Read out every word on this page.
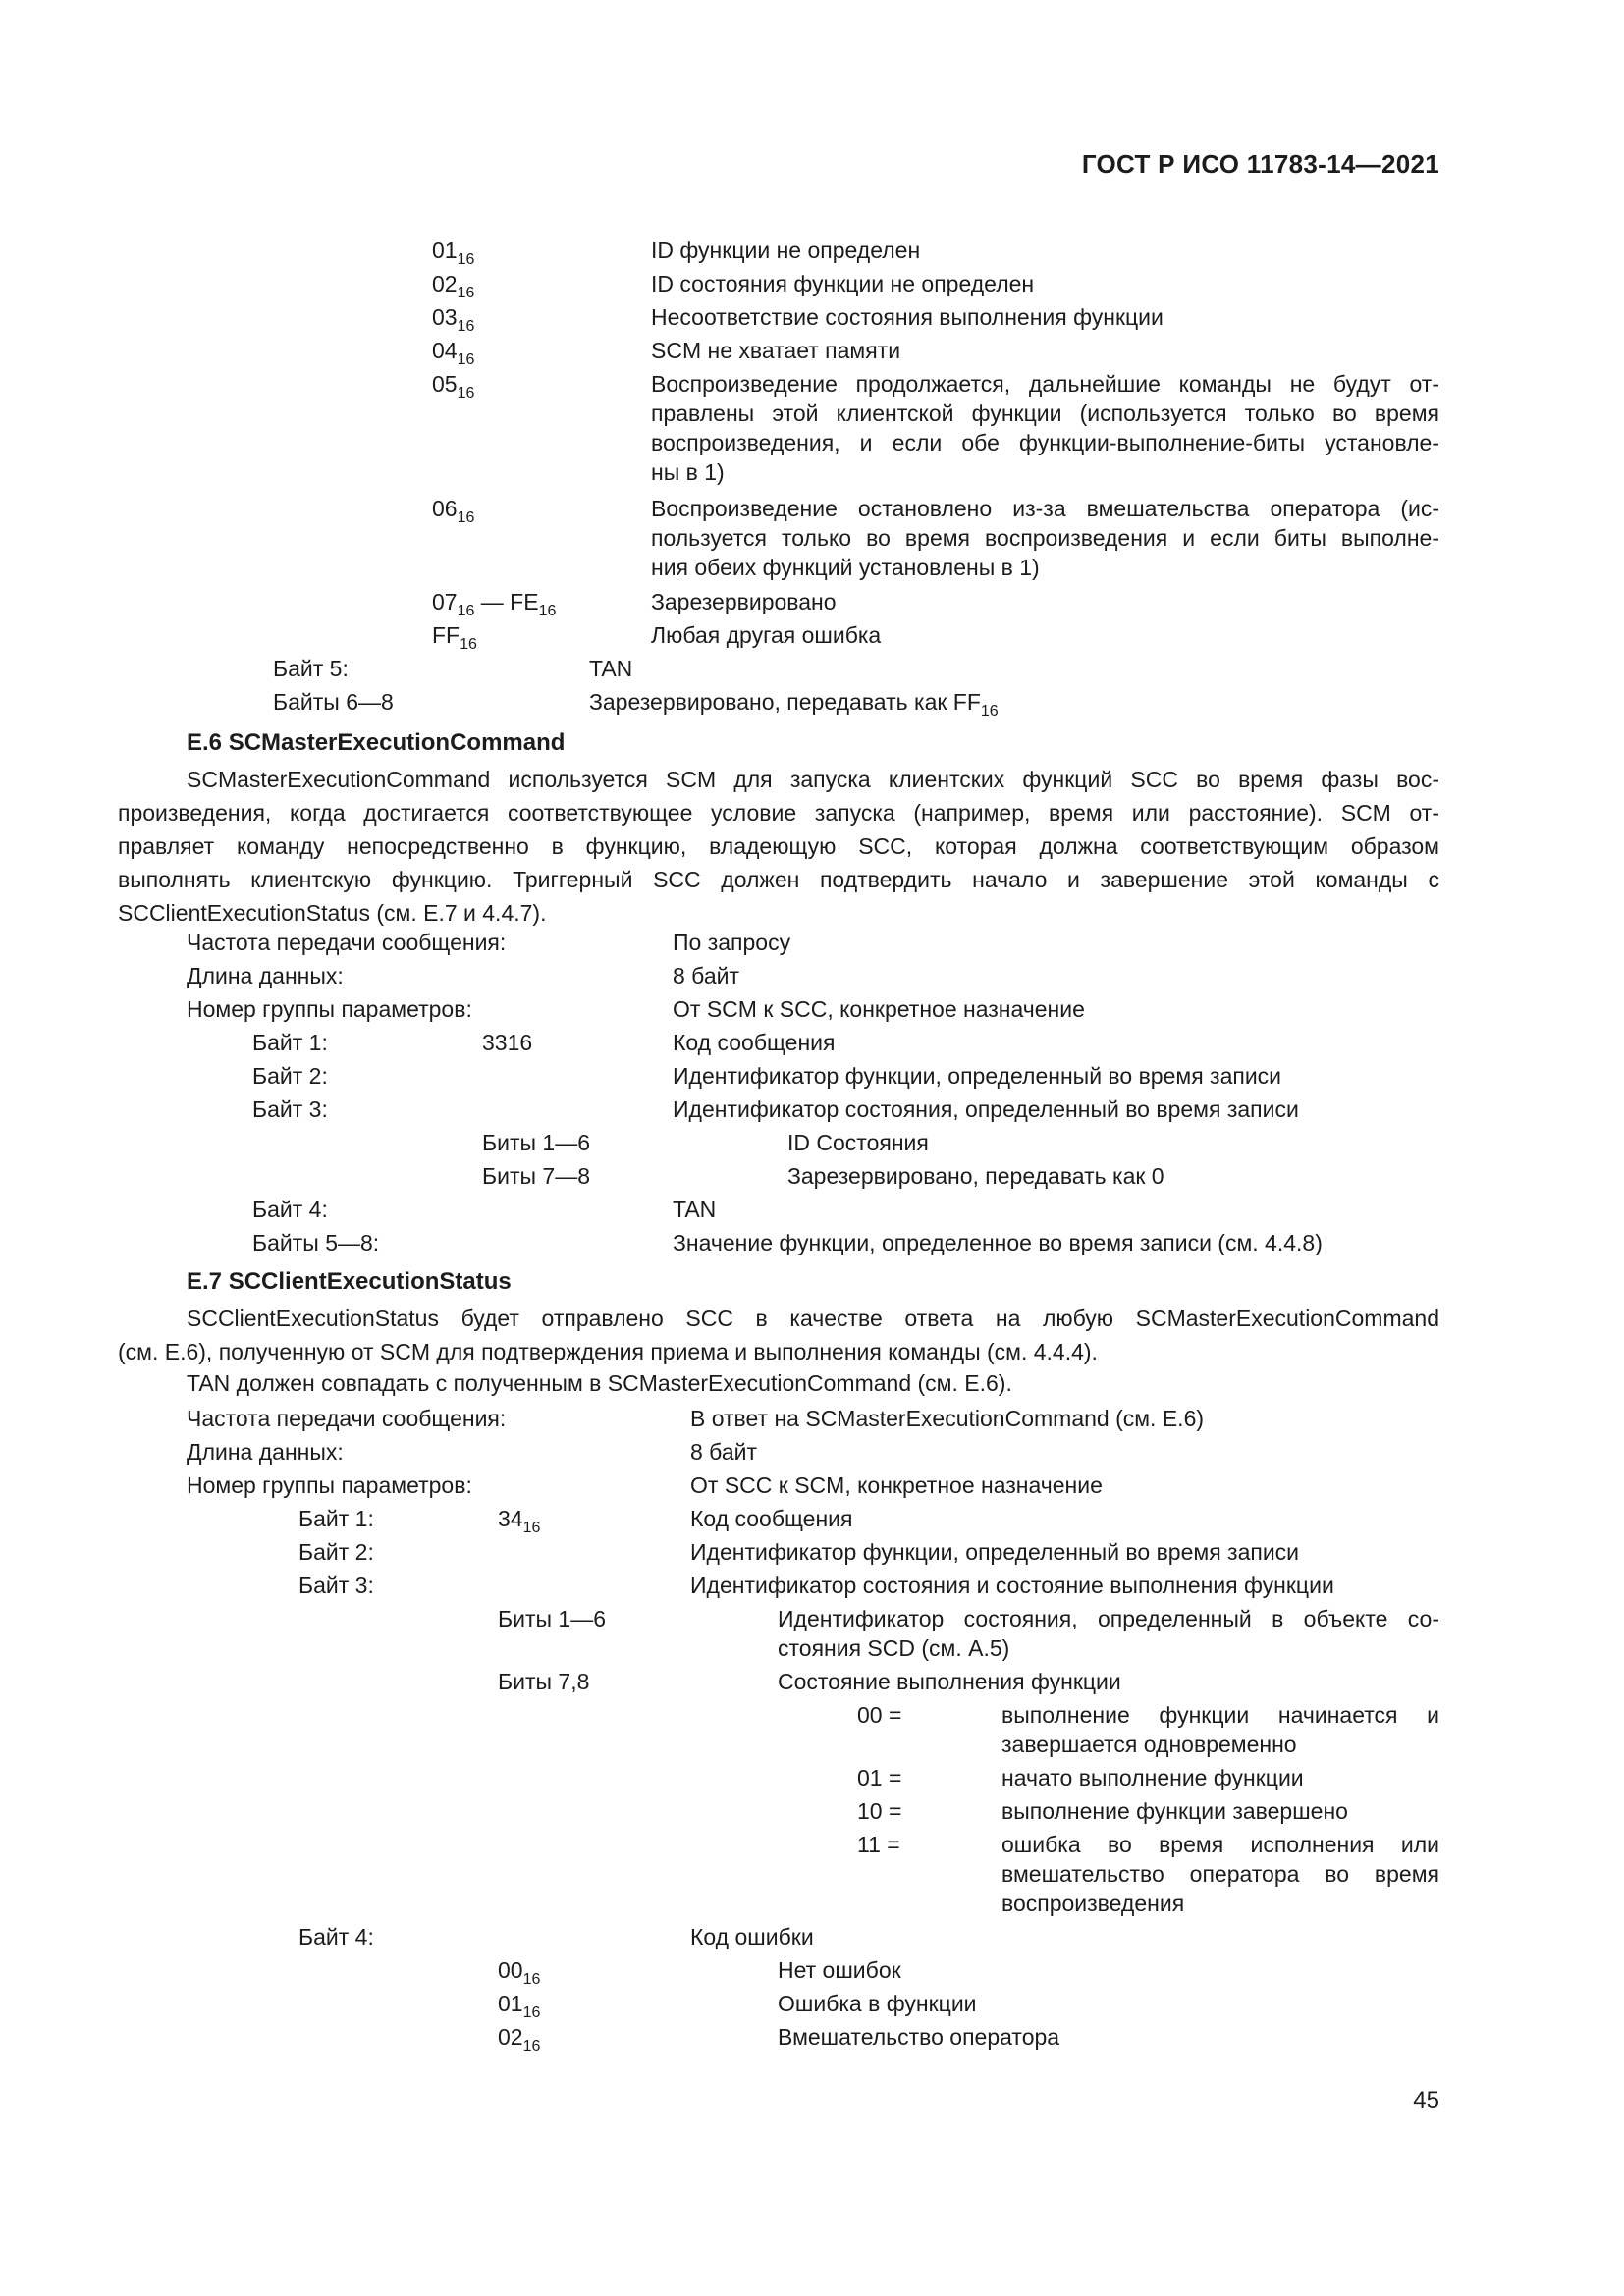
ГОСТ Р ИСО 11783-14—2021
$01_{16}$	ID функции не определен
$02_{16}$	ID состояния функции не определен
$03_{16}$	Несоответствие состояния выполнения функции
$04_{16}$	SCM не хватает памяти
$05_{16}$	Воспроизведение продолжается, дальнейшие команды не будут от-
правлены этой клиентской функции (используется только во время
воспроизведения, и если обе функции-выполнение-биты установле-
ны в 1)
$06_{16}$	Воспроизведение остановлено из-за вмешательства оператора (ис-
пользуется только во время воспроизведения и если биты выполне-
ния обеих функций установлены в 1)
$07_{16}$ — $FE_{16}$	Зарезервировано
$FF_{16}$	Любая другая ошибка
Байт 5:	TAN
Байты 6—8	Зарезервировано, передавать как $FF_{16}$
E.6 SCMasterExecutionCommand
SCMasterExecutionCommand используется SCM для запуска клиентских функций SCC во время фазы вос-
произведения, когда достигается соответствующее условие запуска (например, время или расстояние). SCM от-
правляет команду непосредственно в функцию, владеющую SCC, которая должна соответствующим образом
выполнять клиентскую функцию. Триггерный SCC должен подтвердить начало и завершение этой команды с
SCClientExecutionStatus (см. E.7 и 4.4.7).
Частота передачи сообщения:	По запросу
Длина данных:	8 байт
Номер группы параметров:	От SCM к SCC, конкретное назначение
Байт 1:	3316	Код сообщения
Байт 2:	Идентификатор функции, определенный во время записи
Байт 3:	Идентификатор состояния, определенный во время записи
Биты 1—6	ID Состояния
Биты 7—8	Зарезервировано, передавать как 0
Байт 4:	TAN
Байты 5—8:	Значение функции, определенное во время записи (см. 4.4.8)
E.7 SCClientExecutionStatus
SCClientExecutionStatus будет отправлено SCC в качестве ответа на любую SCMasterExecutionCommand
(см. E.6), полученную от SCM для подтверждения приема и выполнения команды (см. 4.4.4).
TAN должен совпадать с полученным в SCMasterExecutionCommand (см. E.6).
Частота передачи сообщения:	В ответ на SCMasterExecutionCommand (см. E.6)
Длина данных:	8 байт
Номер группы параметров:	От SCC к SCM, конкретное назначение
Байт 1:	$34_{16}$	Код сообщения
Байт 2:	Идентификатор функции, определенный во время записи
Байт 3:	Идентификатор состояния и состояние выполнения функции
Биты 1—6	Идентификатор состояния, определенный в объекте со-
стояния SCD (см. A.5)
Биты 7,8	Состояние выполнения функции
00 =	выполнение функции начинается и
завершается одновременно
01 =	начато выполнение функции
10 =	выполнение функции завершено
11 =	ошибка во время исполнения или
вмешательство оператора во время
воспроизведения
Байт 4:	Код ошибки
$00_{16}$	Нет ошибок
$01_{16}$	Ошибка в функции
$02_{16}$	Вмешательство оператора
45
